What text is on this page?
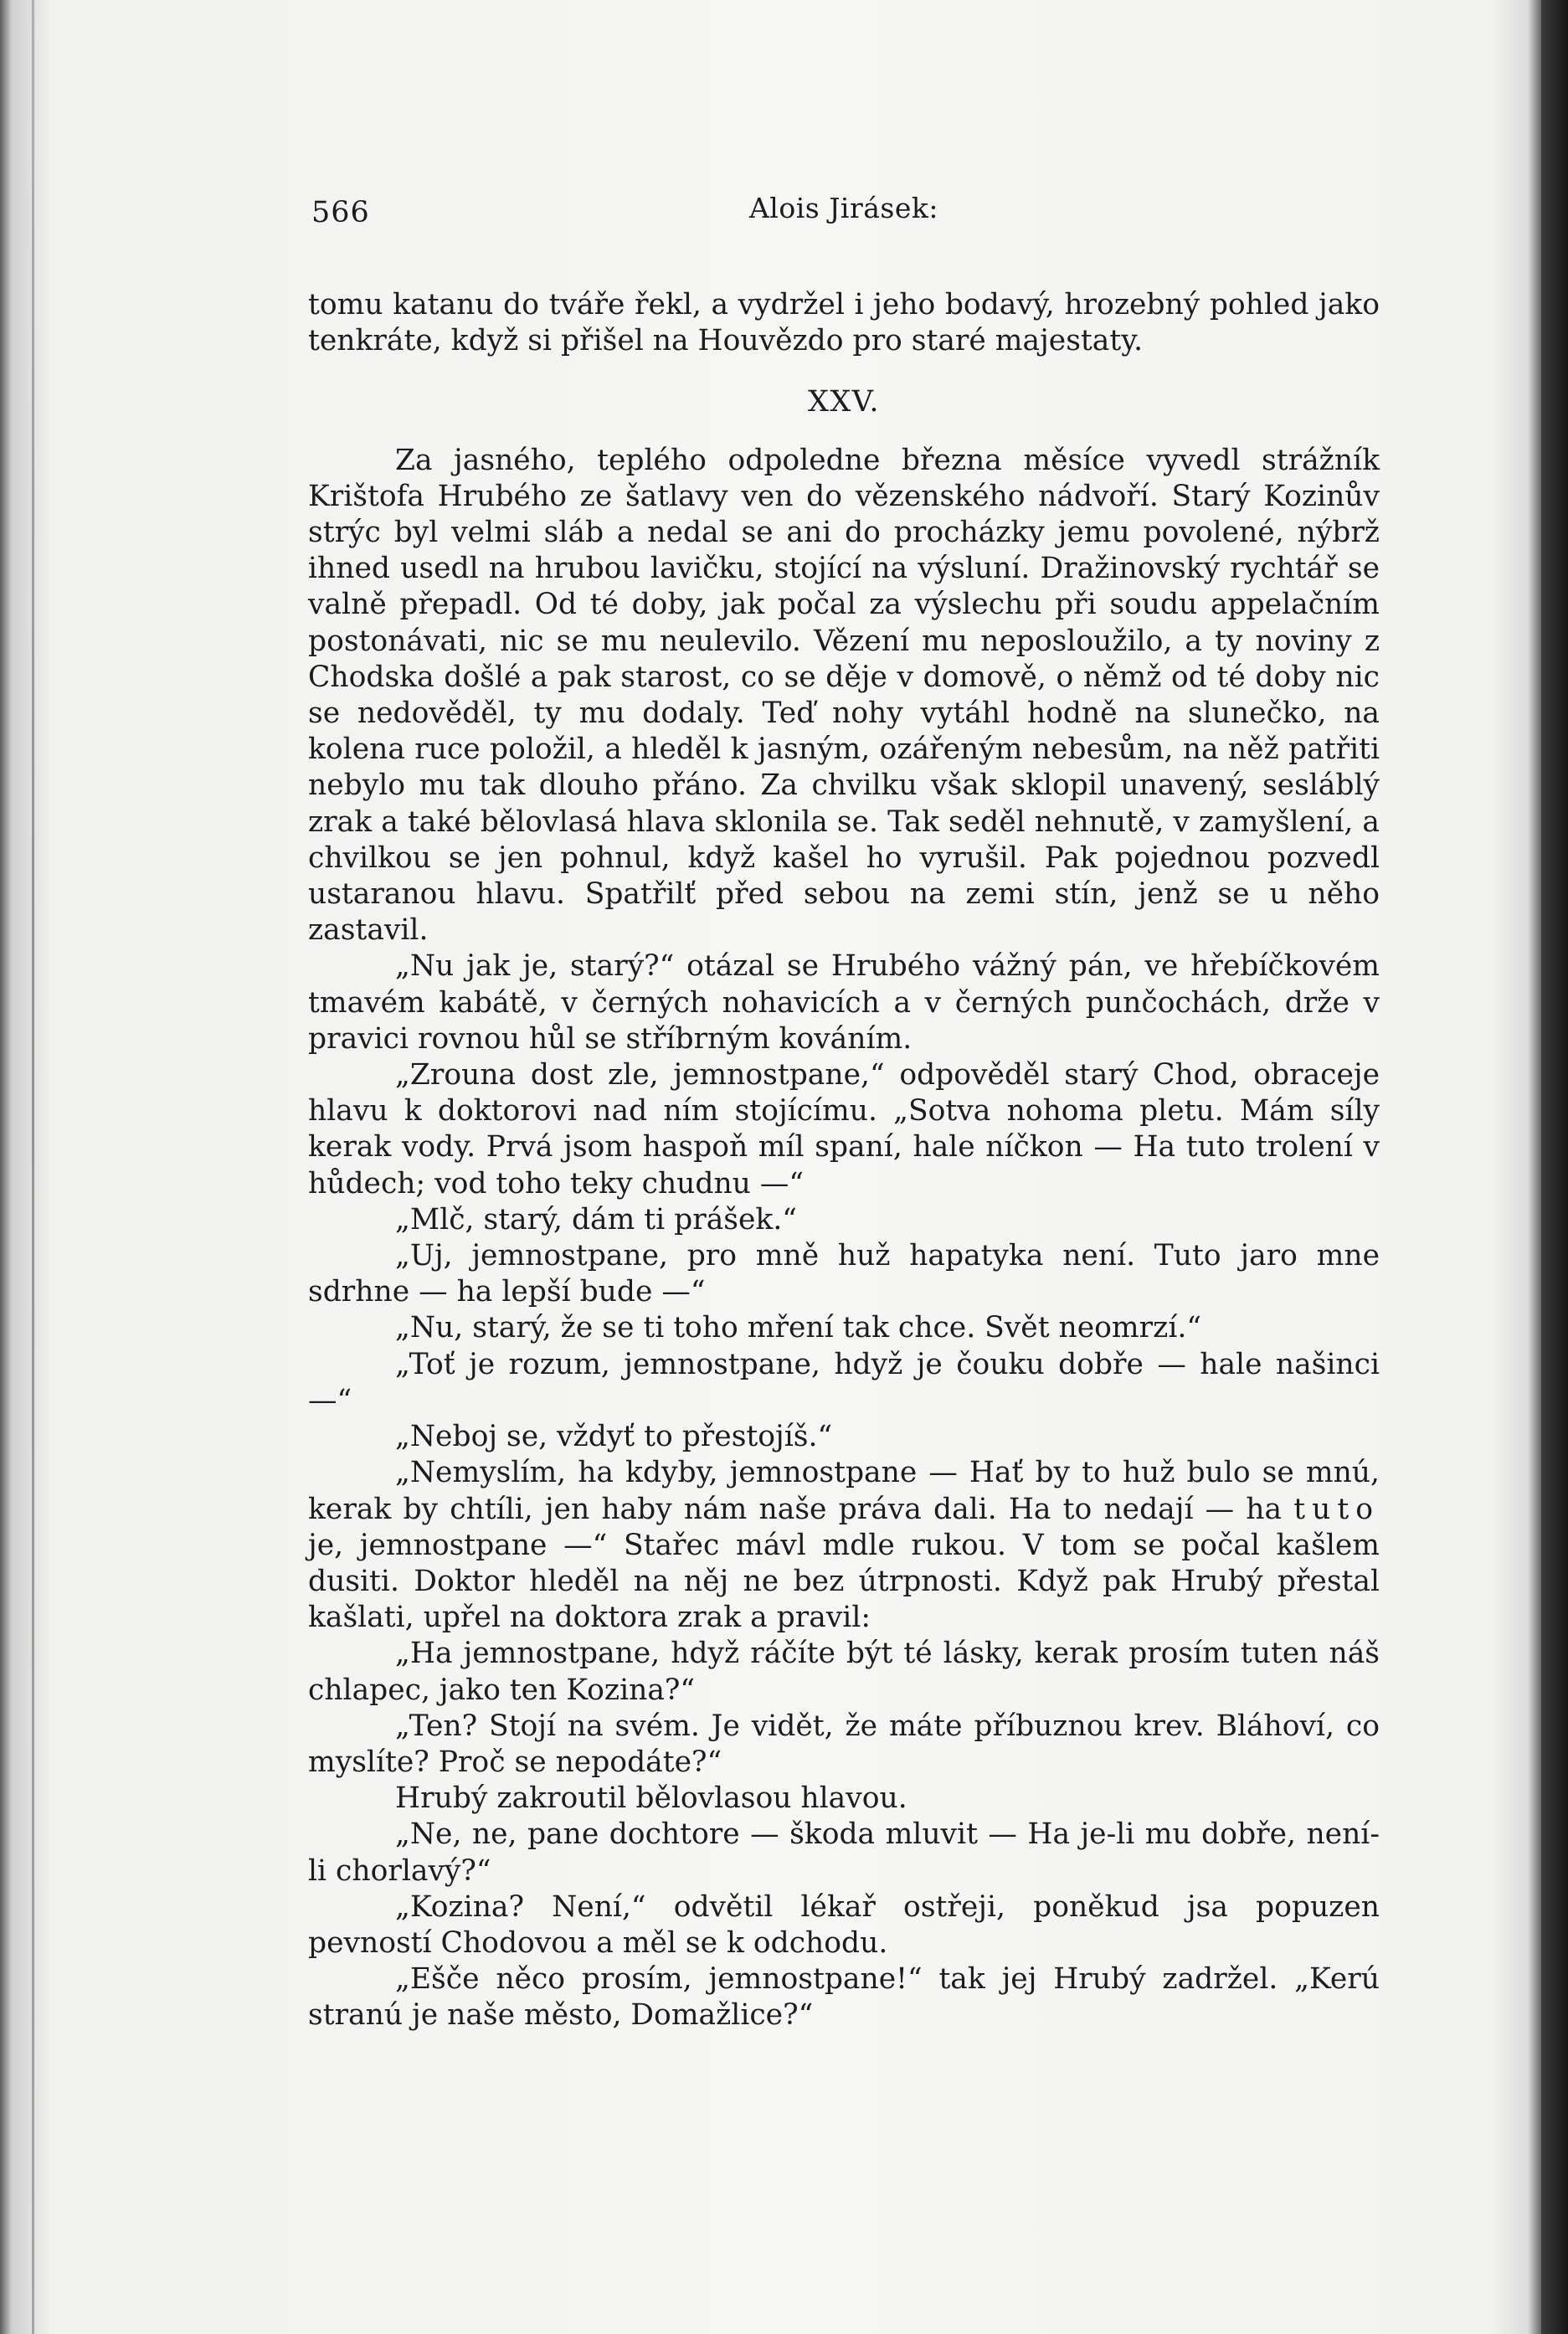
566	Alois Jirásek:

tomu katanu do tváře řekl, a vydržel i jeho bodavý, hrozebný pohled jako tenkráte, když si přišel na Houvězdo pro staré majestaty.

XXV.

Za jasného, teplého odpoledne března měsíce vyvedl strážník Krištofa Hrubého ze šatlavy ven do vězenského nádvoří. Starý Kozinův strýc byl velmi sláb a nedal se ani do procházky jemu povolené, nýbrž ihned usedl na hrubou lavičku, stojící na výsluní. Dražinovský rychtář se valně přepadl. Od té doby, jak počal za výslechu při soudu appelačním postonávati, nic se mu neulevilo. Vězení mu neposloužilo, a ty noviny z Chodska došlé a pak starost, co se děje v domově, o němž od té doby nic se nedověděl, ty mu dodaly. Teď nohy vytáhl hodně na slunečko, na kolena ruce položil, a hleděl k jasným, ozářeným nebesům, na něž patřiti nebylo mu tak dlouho přáno. Za chvilku však sklopil unavený, sesláblý zrak a také bělovlasá hlava sklonila se. Tak seděl nehnutě, v zamyšlení, a chvilkou se jen pohnul, když kašel ho vyrušil. Pak pojednou pozvedl ustaranou hlavu. Spatřilť před sebou na zemi stín, jenž se u něho zastavil.

„Nu jak je, starý?“ otázal se Hrubého vážný pán, ve hřebíčkovém tmavém kabátě, v černých nohavicích a v černých punčochách, drže v pravici rovnou hůl se stříbrným kováním.

„Zrouna dost zle, jemnostpane,“ odpověděl starý Chod, obraceje hlavu k doktorovi nad ním stojícímu. „Sotva nohoma pletu. Mám síly kerak vody. Prvá jsom haspoň míl spaní, hale níčkon — Ha tuto trolení v hůdech; vod toho teky chudnu —“

„Mlč, starý, dám ti prášek.“

„Uj, jemnostpane, pro mně huž hapatyka není. Tuto jaro mne sdrhne — ha lepší bude —“

„Nu, starý, že se ti toho mření tak chce. Svět neomrzí.“

„Toť je rozum, jemnostpane, hdyž je čouku dobře — hale našinci —“

„Neboj se, vždyť to přestojíš.“

„Nemyslím, ha kdyby, jemnostpane — Hať by to huž bulo se mnú, kerak by chtíli, jen haby nám naše práva dali. Ha to nedají — ha tuto je, jemnostpane —“ Stařec mávl mdle rukou. V tom se počal kašlem dusiti. Doktor hleděl na něj ne bez útrpnosti. Když pak Hrubý přestal kašlati, upřel na doktora zrak a pravil:

„Ha jemnostpane, hdyž ráčíte být té lásky, kerak prosím tuten náš chlapec, jako ten Kozina?“

„Ten? Stojí na svém. Je vidět, že máte příbuznou krev. Bláhoví, co myslíte? Proč se nepodáte?“

Hrubý zakroutil bělovlasou hlavou.

„Ne, ne, pane dochtore — škoda mluvit — Ha je-li mu dobře, není-li chorlavý?“

„Kozina? Není,“ odvětil lékař ostřeji, poněkud jsa popuzen pevností Chodovou a měl se k odchodu.

„Ešče něco prosím, jemnostpane!“ tak jej Hrubý zadržel. „Kerú stranú je naše město, Domažlice?“
